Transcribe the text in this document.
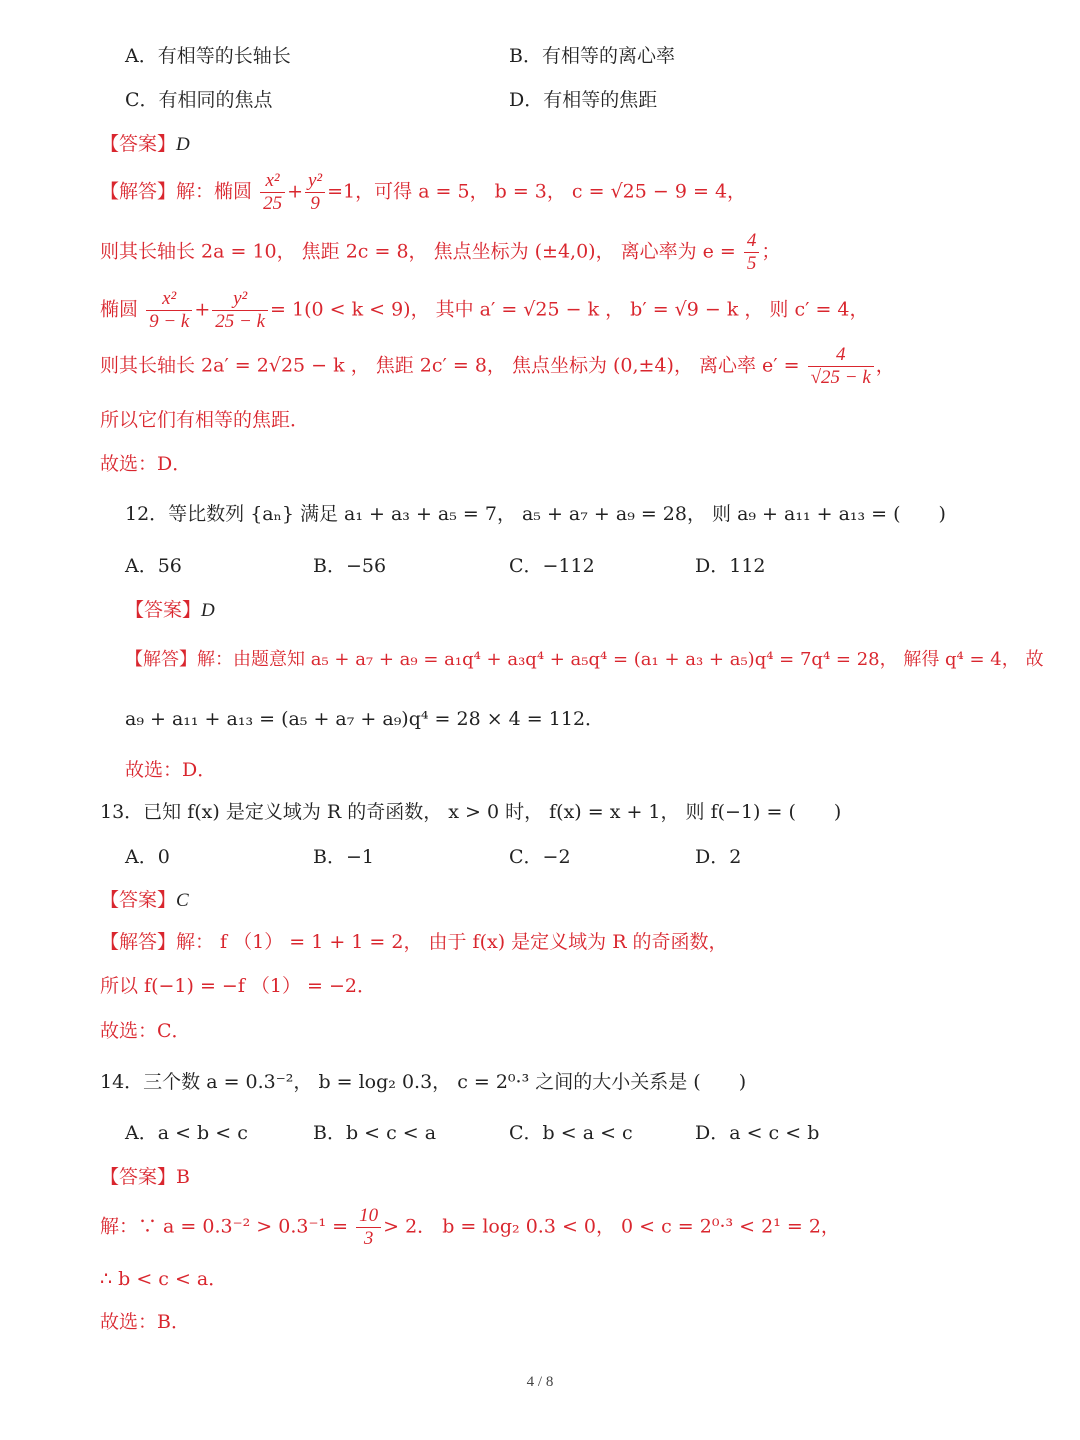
A．有相等的长轴长	B．有相等的离心率
C．有相同的焦点	D．有相等的焦距
【答案】D
【解答】解：椭圆 $\frac{\text{x²}}{25} + \frac{\text{y²}}{9} =1$，可得 a = 5， b = 3， c = √25 − 9 = 4，
则其长轴长 2a = 10， 焦距 2c = 8， 焦点坐标为 (±4,0)， 离心率为 $e = \frac{4}{5}$ ；
椭圆 $\frac{\text{x²}}{9 - k} + \frac{\text{y²}}{25 - k} = 1(0 < k < 9)$， 其中 a′ = √25 − k ， b′ = √9 − k ， 则 c′ = 4，
则其长轴长 2a′ = 2√25 − k ， 焦距 2c′ = 8， 焦点坐标为 (0,±4)， 离心率 $e' = \frac{4}{√25 - k}$ ，
所以它们有相等的焦距．
故选：D．
12．等比数列 {aₙ} 满足 a₁ + a₃ + a₅ = 7， a₅ + a₇ + a₉ = 28， 则 a₉ + a₁₁ + a₁₃ = (　　)
A．56	B．−56	C．−112	D．112
【答案】D
【解答】解：由题意知 a₅ + a₇ + a₉ = a₁q⁴ + a₃q⁴ + a₅q⁴ = (a₁ + a₃ + a₅)q⁴ = 7q⁴ = 28， 解得 q⁴ = 4， 故
a₉ + a₁₁ + a₁₃ = (a₅ + a₇ + a₉)q⁴ = 28 × 4 = 112．
故选：D．
13．已知 f(x) 是定义域为 R 的奇函数， x > 0 时， f(x) = x + 1， 则 f(−1) = (　　)
A．0	B．−1	C．−2	D．2
【答案】C
【解答】解： f （1） = 1 + 1 = 2， 由于 f(x) 是定义域为 R 的奇函数，
所以 f(−1) = −f （1） = −2．
故选：C．
14．三个数 a = 0.3⁻²， b = log₂ 0.3， c = 2⁰·³ 之间的大小关系是 (　　)
A．a < b < c	B．b < c < a	C．b < a < c	D．a < c < b
【答案】B
解：∵ $a = 0.3^{-2} > 0.3^{-1} = \frac{10}{3} > 2$． b = log₂ 0.3 < 0， 0 < c = 2⁰·³ < 2¹ = 2，
∴ b < c < a．
故选：B．
4 / 8
